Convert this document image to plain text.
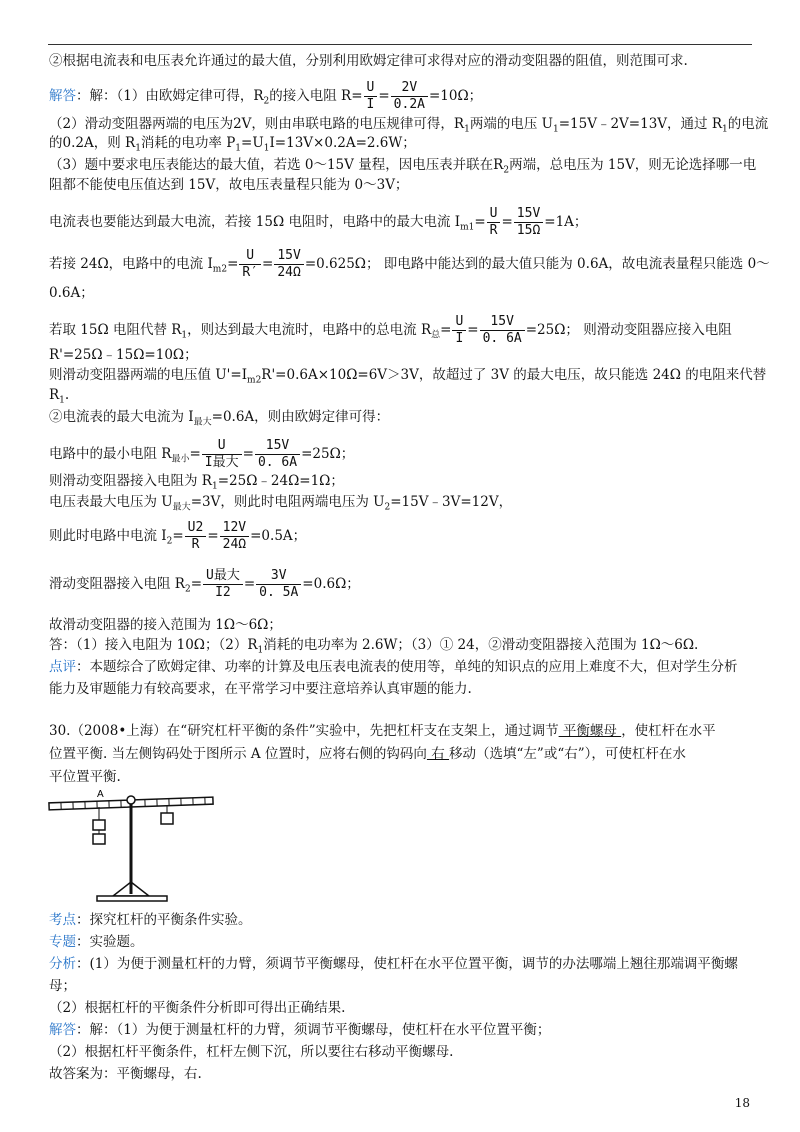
②根据电流表和电压表允许通过的最大值，分别利用欧姆定律可求得对应的滑动变阻器的阻值，则范围可求.
解答：解：（1）由欧姆定律可得，$R_2$的接入电阻 $R= \frac{U}{I} = \frac{2V}{0.2A} =10\Omega$；
（2）滑动变阻器两端的电压为2V，则由串联电路的电压规律可得，$R_1$两端的电压 $U_1=15V﹣2V=13V$，通过 $R_1$的电流
的0.2A，则 $R_1$消耗的电功率 $P_1=U_1I=13V\times 0.2A=2.6W$；
（3）题中要求电压表能达的最大值，若选 0～15V 量程，因电压表并联在$R_2$两端，总电压为 15V，则无论选择哪一电
阻都不能使电压值达到 15V，故电压表量程只能为 0～3V；
电流表也要能达到最大电流，若接 15Ω 电阻时，电路中的最大电流 $I_{m1}= \frac{U}{R} = \frac{15V}{15\Omega} =1A$；
若接 24Ω，电路中的电流 $I_{m2}= \frac{U}{R'} = \frac{15V}{24\Omega} =0.625\Omega$； 即电路中能达到的最大值只能为 0.6A，故电流表量程只能选 0～
0.6A；
若取 15Ω 电阻代替 $R_1$，则达到最大电流时，电路中的总电流 $R_总= \frac{U}{I} = \frac{15V}{0. 6A} =25\Omega$； 则滑动变阻器应接入电阻
R'=25Ω﹣15Ω=10Ω；
则滑动变阻器两端的电压值 $U'=I_{m2}R'=0.6A\times 10\Omega=6V>3V$，故超过了 3V 的最大电压，故只能选 24Ω 的电阻来代替
$R_1$.
②电流表的最大电流为 $I_{最大}=0.6A$，则由欧姆定律可得：
电路中的最小电阻 $R_{最小}= \frac{U}{\text{I最大}} = \frac{15V}{0. 6A} =25\Omega$；
则滑动变阻器接入电阻为 $R_1=25\Omega﹣24\Omega=1\Omega$；
电压表最大电压为 $U_{最大}=3V$，则此时电阻两端电压为 $U_2=15V﹣3V=12V$，
则此时电路中电流 $I_2= \frac{U2}{R} = \frac{12V}{24\Omega} =0.5A$；
滑动变阻器接入电阻 $R_2= \frac{\text{U最大}}{I2} = \frac{3V}{0. 5A} =0.6\Omega$；
故滑动变阻器的接入范围为 1Ω～6Ω；
答：（1）接入电阻为 10Ω；$(2)R_1$消耗的电功率为 2.6W；（3）① 24，②滑动变阻器接入范围为 1Ω～6Ω.
点评：本题综合了欧姆定律、功率的计算及电压表电流表的使用等，单纯的知识点的应用上难度不大，但对学生分析
能力及审题能力有较高要求，在平常学习中要注意培养认真审题的能力.
30.（2008•上海）在“研究杠杆平衡的条件”实验中，先把杠杆支在支架上，通过调节 平衡螺母 ，使杠杆在水平
位置平衡. 当左侧钩码处于图所示 A 位置时，应将右侧的钩码向 右 移动（选填“左”或“右”），可使杠杆在水
平位置平衡.
A
考点：探究杠杆的平衡条件实验。
专题：实验题。
分析：(1）为便于测量杠杆的力臂，须调节平衡螺母，使杠杆在水平位置平衡，调节的办法哪端上翘往那端调平衡螺
母；
（2）根据杠杆的平衡条件分析即可得出正确结果.
解答：解：（1）为便于测量杠杆的力臂，须调节平衡螺母，使杠杆在水平位置平衡；
（2）根据杠杆平衡条件，杠杆左侧下沉，所以要往右移动平衡螺母.
故答案为：平衡螺母，右.
18
